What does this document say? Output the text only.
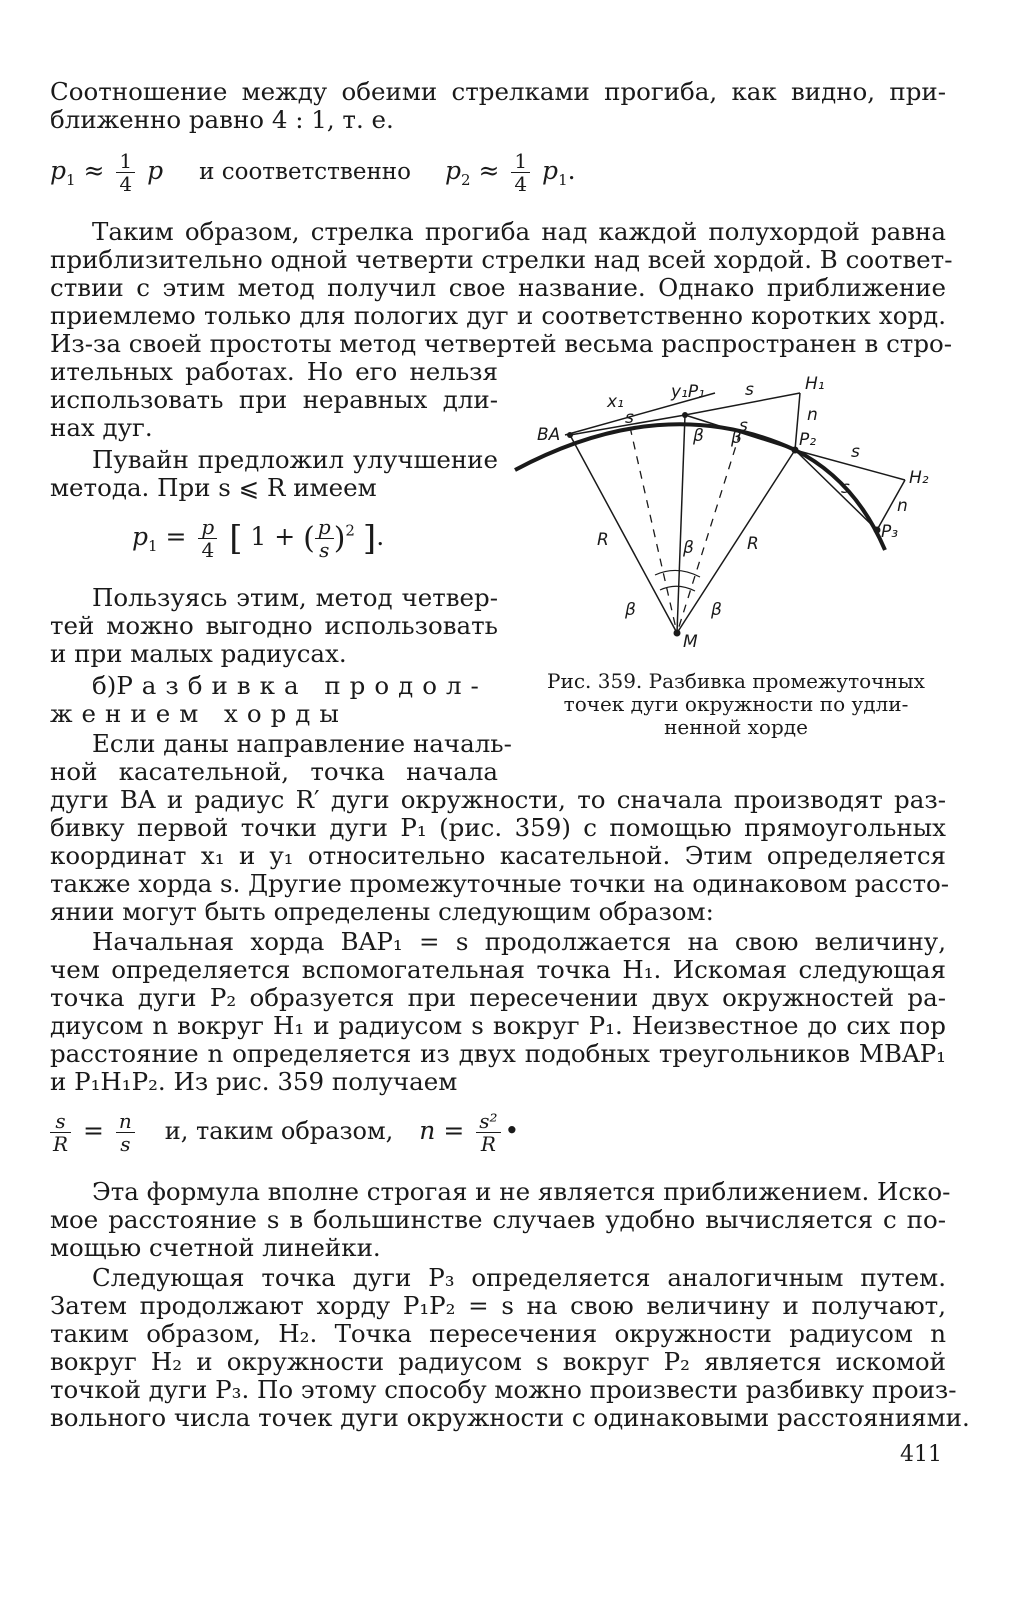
Соотношение между обеими стрелками прогиба, как видно, при-
ближенно равно 4 : 1, т. е.
$p_1 \approx \frac{1}{4}$ p и соответственно $p_2 \approx \frac{1}{4} p_1$.
Таким образом, стрелка прогиба над каждой полухордой равна
приблизительно одной четверти стрелки над всей хордой. В соответ-
ствии с этим метод получил свое название. Однако приближение
приемлемо только для пологих дуг и соответственно коротких хорд.
Из-за своей простоты метод четвертей весьма распространен в стро-
ительных работах. Но его нельзя
использовать при неравных дли-
нах дуг.
Пувайн предложил улучшение
метода. При s ⩽ R имеем
$p_1 = \frac{p}{4}$ [ 1 + ( $\frac{p}{s} )^2$ ].
Пользуясь этим, метод четвер-
тей можно выгодно использовать
и при малых радиусах.
б)Разбивка продол-
жением хорды
Если даны направление началь-
ной касательной, точка начала
дуги BA и радиус R′ дуги окружности, то сначала производят раз-
бивку первой точки дуги P₁ (рис. 359) с помощью прямоугольных
координат x₁ и y₁ относительно касательной. Этим определяется
также хорда s. Другие промежуточные точки на одинаковом рассто-
янии могут быть определены следующим образом:
Начальная хорда BAP₁ = s продолжается на свою величину,
чем определяется вспомогательная точка H₁. Искомая следующая
точка дуги P₂ образуется при пересечении двух окружностей ра-
диусом n вокруг H₁ и радиусом s вокруг P₁. Неизвестное до сих пор
расстояние n определяется из двух подобных треугольников MBAP₁
и P₁H₁P₂. Из рис. 359 получаем
$\frac{s}{R} = \frac{n}{s} и$, таким образом, $n = \frac{\text{s²}}{R}$ •
Эта формула вполне строгая и не является приближением. Иско-
мое расстояние s в большинстве случаев удобно вычисляется с по-
мощью счетной линейки.
Следующая точка дуги P₃ определяется аналогичным путем.
Затем продолжают хорду P₁P₂ = s на свою величину и получают,
таким образом, H₂. Точка пересечения окружности радиусом n
вокруг H₂ и окружности радиусом s вокруг P₂ является искомой
точкой дуги P₃. По этому способу можно произвести разбивку произ-
вольного числа точек дуги окружности с одинаковыми расстояниями.
BA
x₁	y₁P₁
s
s
s
s
s
H₁
n
P₂
H₂
n
P₃
R	R
β
β
β	β
β
M
Рис. 359. Разбивка промежуточных
точек дуги окружности по удли-
ненной хорде
411
